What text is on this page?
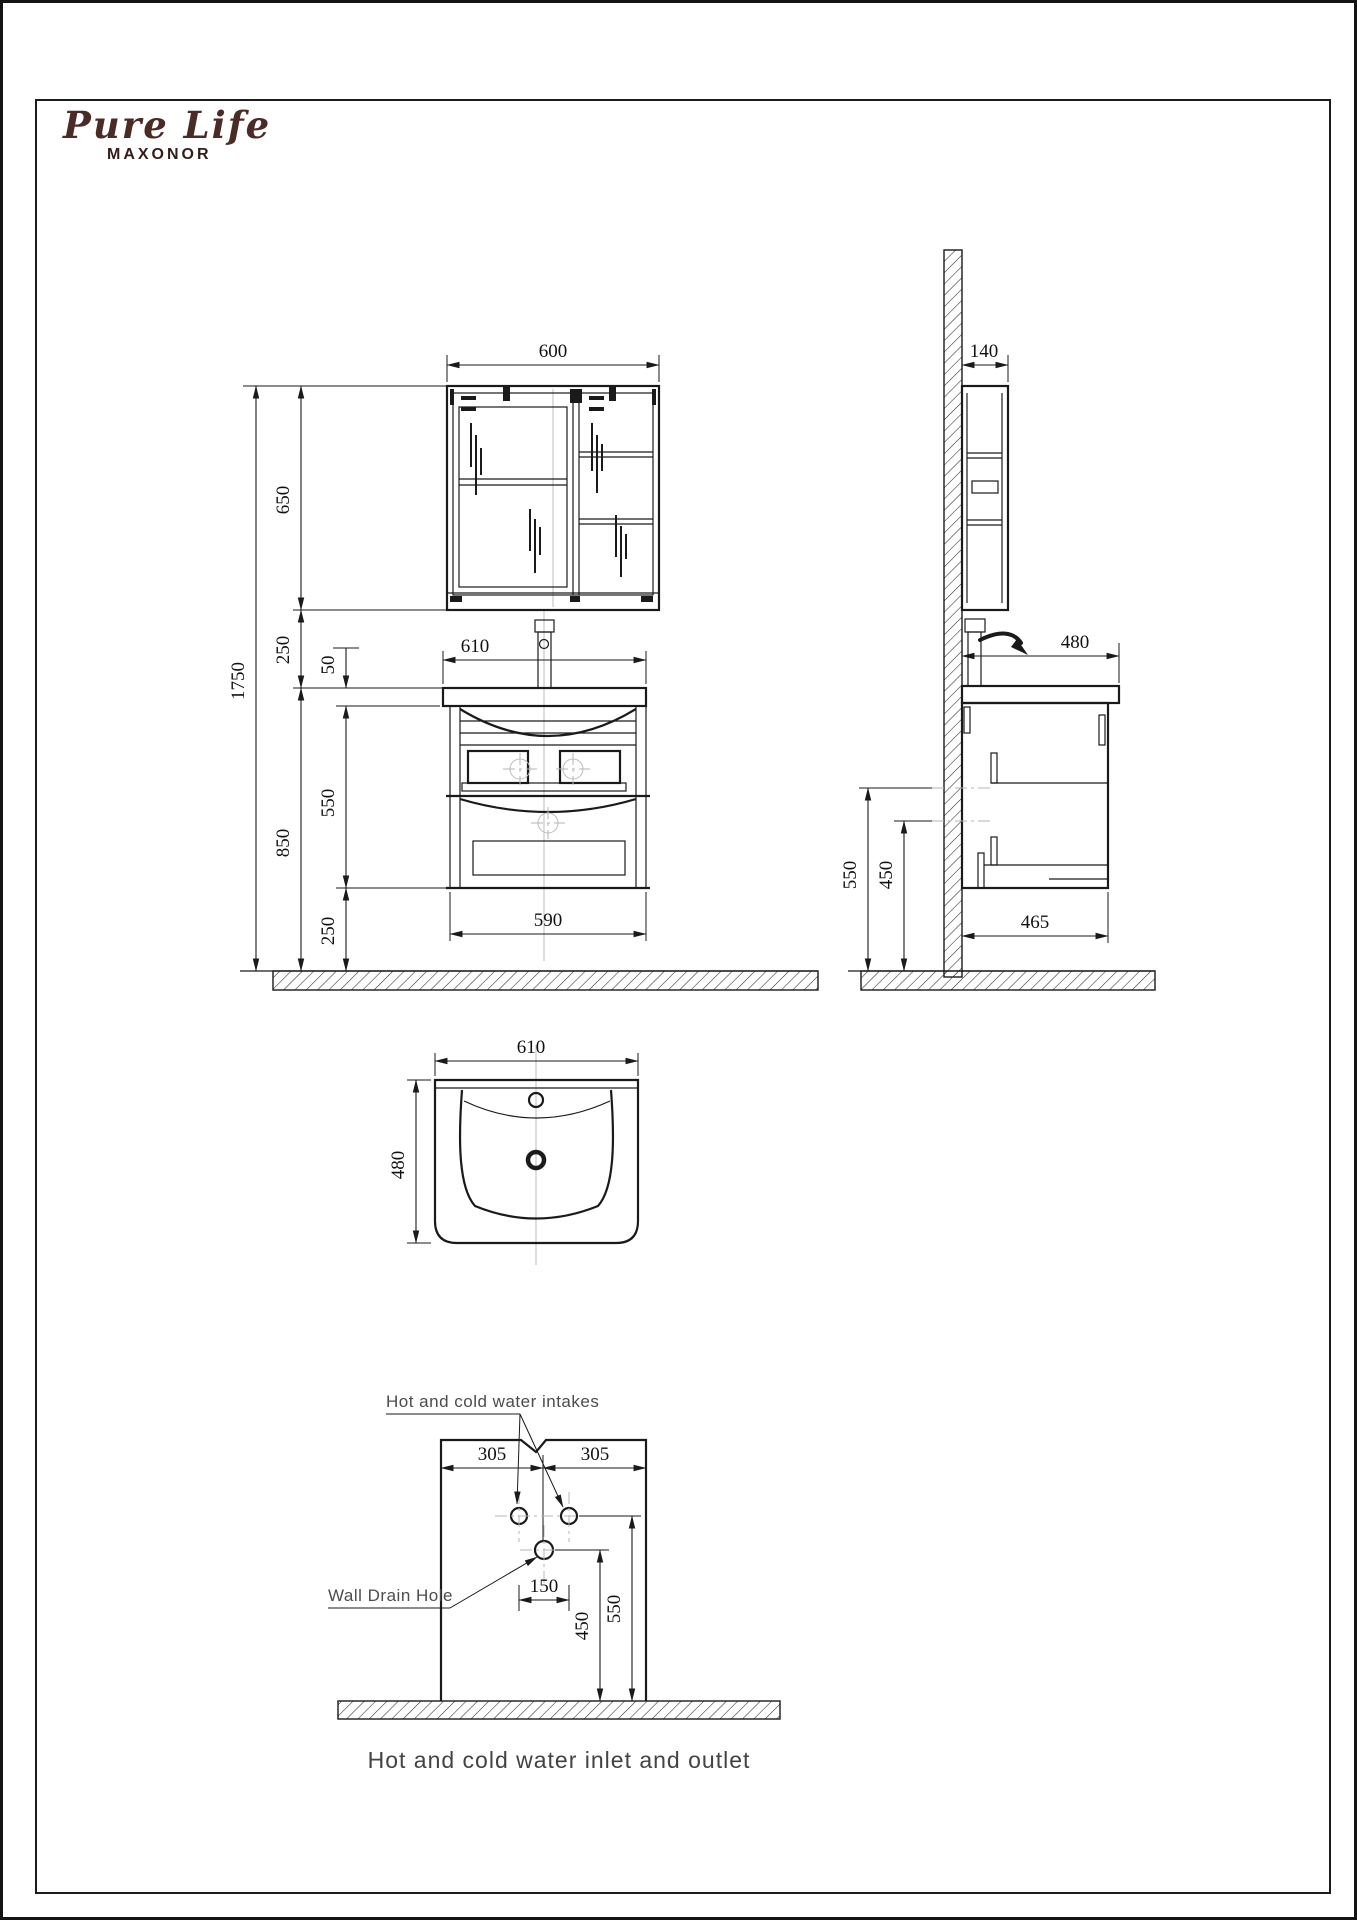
Pure Life
MAXONOR
600
1750
650
250
850
50
550
250
610
590
140
480
550 450
465
610
480
305	305
Hot and cold water intakes
Wall Drain Hole	150
450
550
Hot and cold water inlet and outlet
